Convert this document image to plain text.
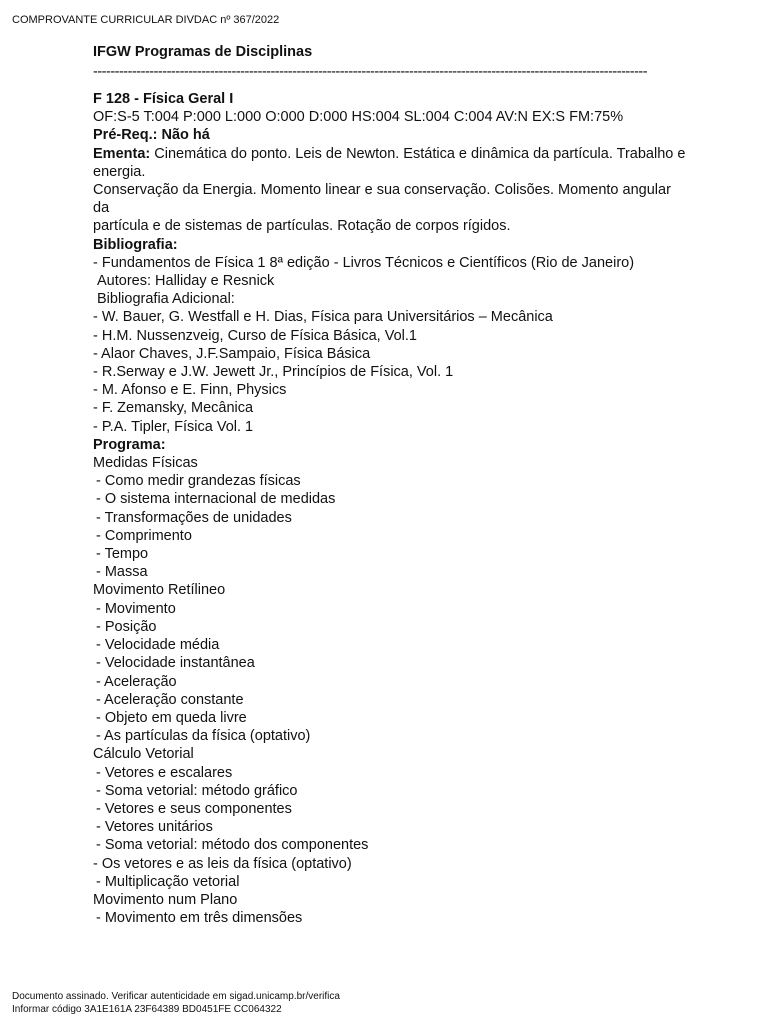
COMPROVANTE CURRICULAR DIVDAC nº 367/2022
IFGW Programas de Disciplinas
--------------------------------------------------------------------------------------------------------------------------------
F 128 - Física Geral I
OF:S-5 T:004 P:000 L:000 O:000 D:000 HS:004 SL:004 C:004 AV:N EX:S FM:75%
Pré-Req.: Não há
Ementa: Cinemática do ponto. Leis de Newton. Estática e dinâmica da partícula. Trabalho e
energia.
Conservação da Energia. Momento linear e sua conservação. Colisões. Momento angular
da
partícula e de sistemas de partículas. Rotação de corpos rígidos.
Bibliografia:
- Fundamentos de Física 1 8ª edição - Livros Técnicos e Científicos (Rio de Janeiro)
Autores: Halliday e Resnick
Bibliografia Adicional:
- W. Bauer, G. Westfall e H. Dias, Física para Universitários – Mecânica
- H.M. Nussenzveig, Curso de Física Básica, Vol.1
- Alaor Chaves, J.F.Sampaio, Física Básica
- R.Serway e J.W. Jewett Jr., Princípios de Física, Vol. 1
- M. Afonso e E. Finn, Physics
- F. Zemansky, Mecânica
- P.A. Tipler, Física Vol. 1
Programa:
Medidas Físicas
- Como medir grandezas físicas
- O sistema internacional de medidas
- Transformações de unidades
- Comprimento
- Tempo
- Massa
Movimento Retílineo
- Movimento
- Posição
- Velocidade média
- Velocidade instantânea
- Aceleração
- Aceleração constante
- Objeto em queda livre
- As partículas da física (optativo)
Cálculo Vetorial
- Vetores e escalares
- Soma vetorial: método gráfico
- Vetores e seus componentes
- Vetores unitários
- Soma vetorial: método dos componentes
- Os vetores e as leis da física (optativo)
- Multiplicação vetorial
Movimento num Plano
- Movimento em três dimensões
Documento assinado. Verificar autenticidade em sigad.unicamp.br/verifica
Informar código 3A1E161A 23F64389 BD0451FE CC064322
